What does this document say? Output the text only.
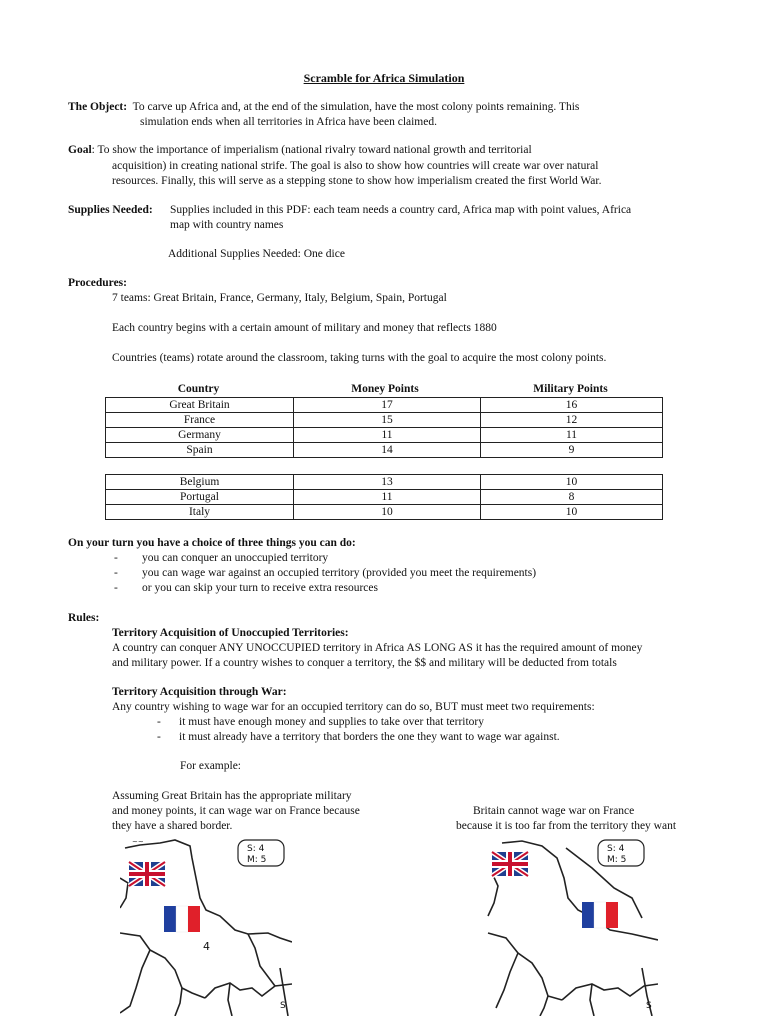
Scramble for Africa Simulation
The Object: To carve up Africa and, at the end of the simulation, have the most colony points remaining. This
simulation ends when all territories in Africa have been claimed.
Goal: To show the importance of imperialism (national rivalry toward national growth and territorial
acquisition) in creating national strife. The goal is also to show how countries will create war over natural
resources. Finally, this will serve as a stepping stone to show how imperialism created the first World War.
Supplies Needed: Supplies included in this PDF: each team needs a country card, Africa map with point values, Africa
map with country names
Additional Supplies Needed: One dice
Procedures:
7 teams: Great Britain, France, Germany, Italy, Belgium, Spain, Portugal
Each country begins with a certain amount of military and money that reflects 1880
Countries (teams) rotate around the classroom, taking turns with the goal to acquire the most colony points.
Country	Money Points	Military Points
Great Britain	17	16
France	15	12
Germany	11	11
Spain	14	9
Belgium	13	10
Portugal	11	8
Italy	10	10
On your turn you have a choice of three things you can do:
- you can conquer an unoccupied territory
- you can wage war against an occupied territory (provided you meet the requirements)
- or you can skip your turn to receive extra resources
Rules:
Territory Acquisition of Unoccupied Territories:
A country can conquer ANY UNOCCUPIED territory in Africa AS LONG AS it has the required amount of money
and military power. If a country wishes to conquer a territory, the $$ and military will be deducted from totals
Territory Acquisition through War:
Any country wishing to wage war for an occupied territory can do so, BUT must meet two requirements:
- it must have enough money and supplies to take over that territory
- it must already have a territory that borders the one they want to wage war against.
For example:
Assuming Great Britain has the appropriate military
and money points, it can wage war on France because
they have a shared border.
Britain cannot wage war on France
because it is too far from the territory they want
~~
S: 4
M: 5
4
S
S: 4
M: 5
S
